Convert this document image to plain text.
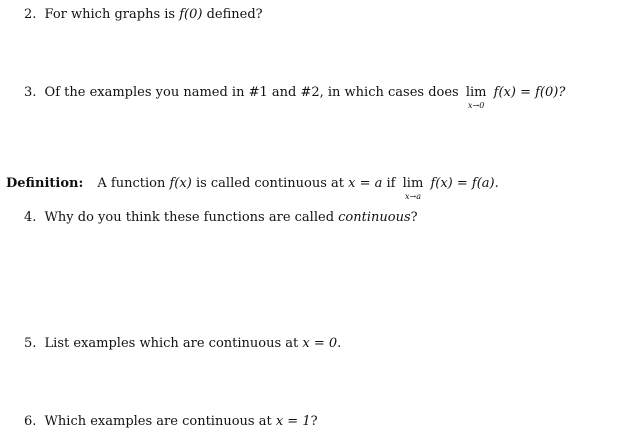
2. For which graphs is f(0) defined?
3. Of the examples you named in #1 and #2, in which cases does lim
x→0
f(x) = f(0)?
Definition: A function f(x) is called continuous at x = a if lim
x→a
f(x) = f(a).
4. Why do you think these functions are called continuous?
5. List examples which are continuous at x = 0.
6. Which examples are continuous at x = 1?
